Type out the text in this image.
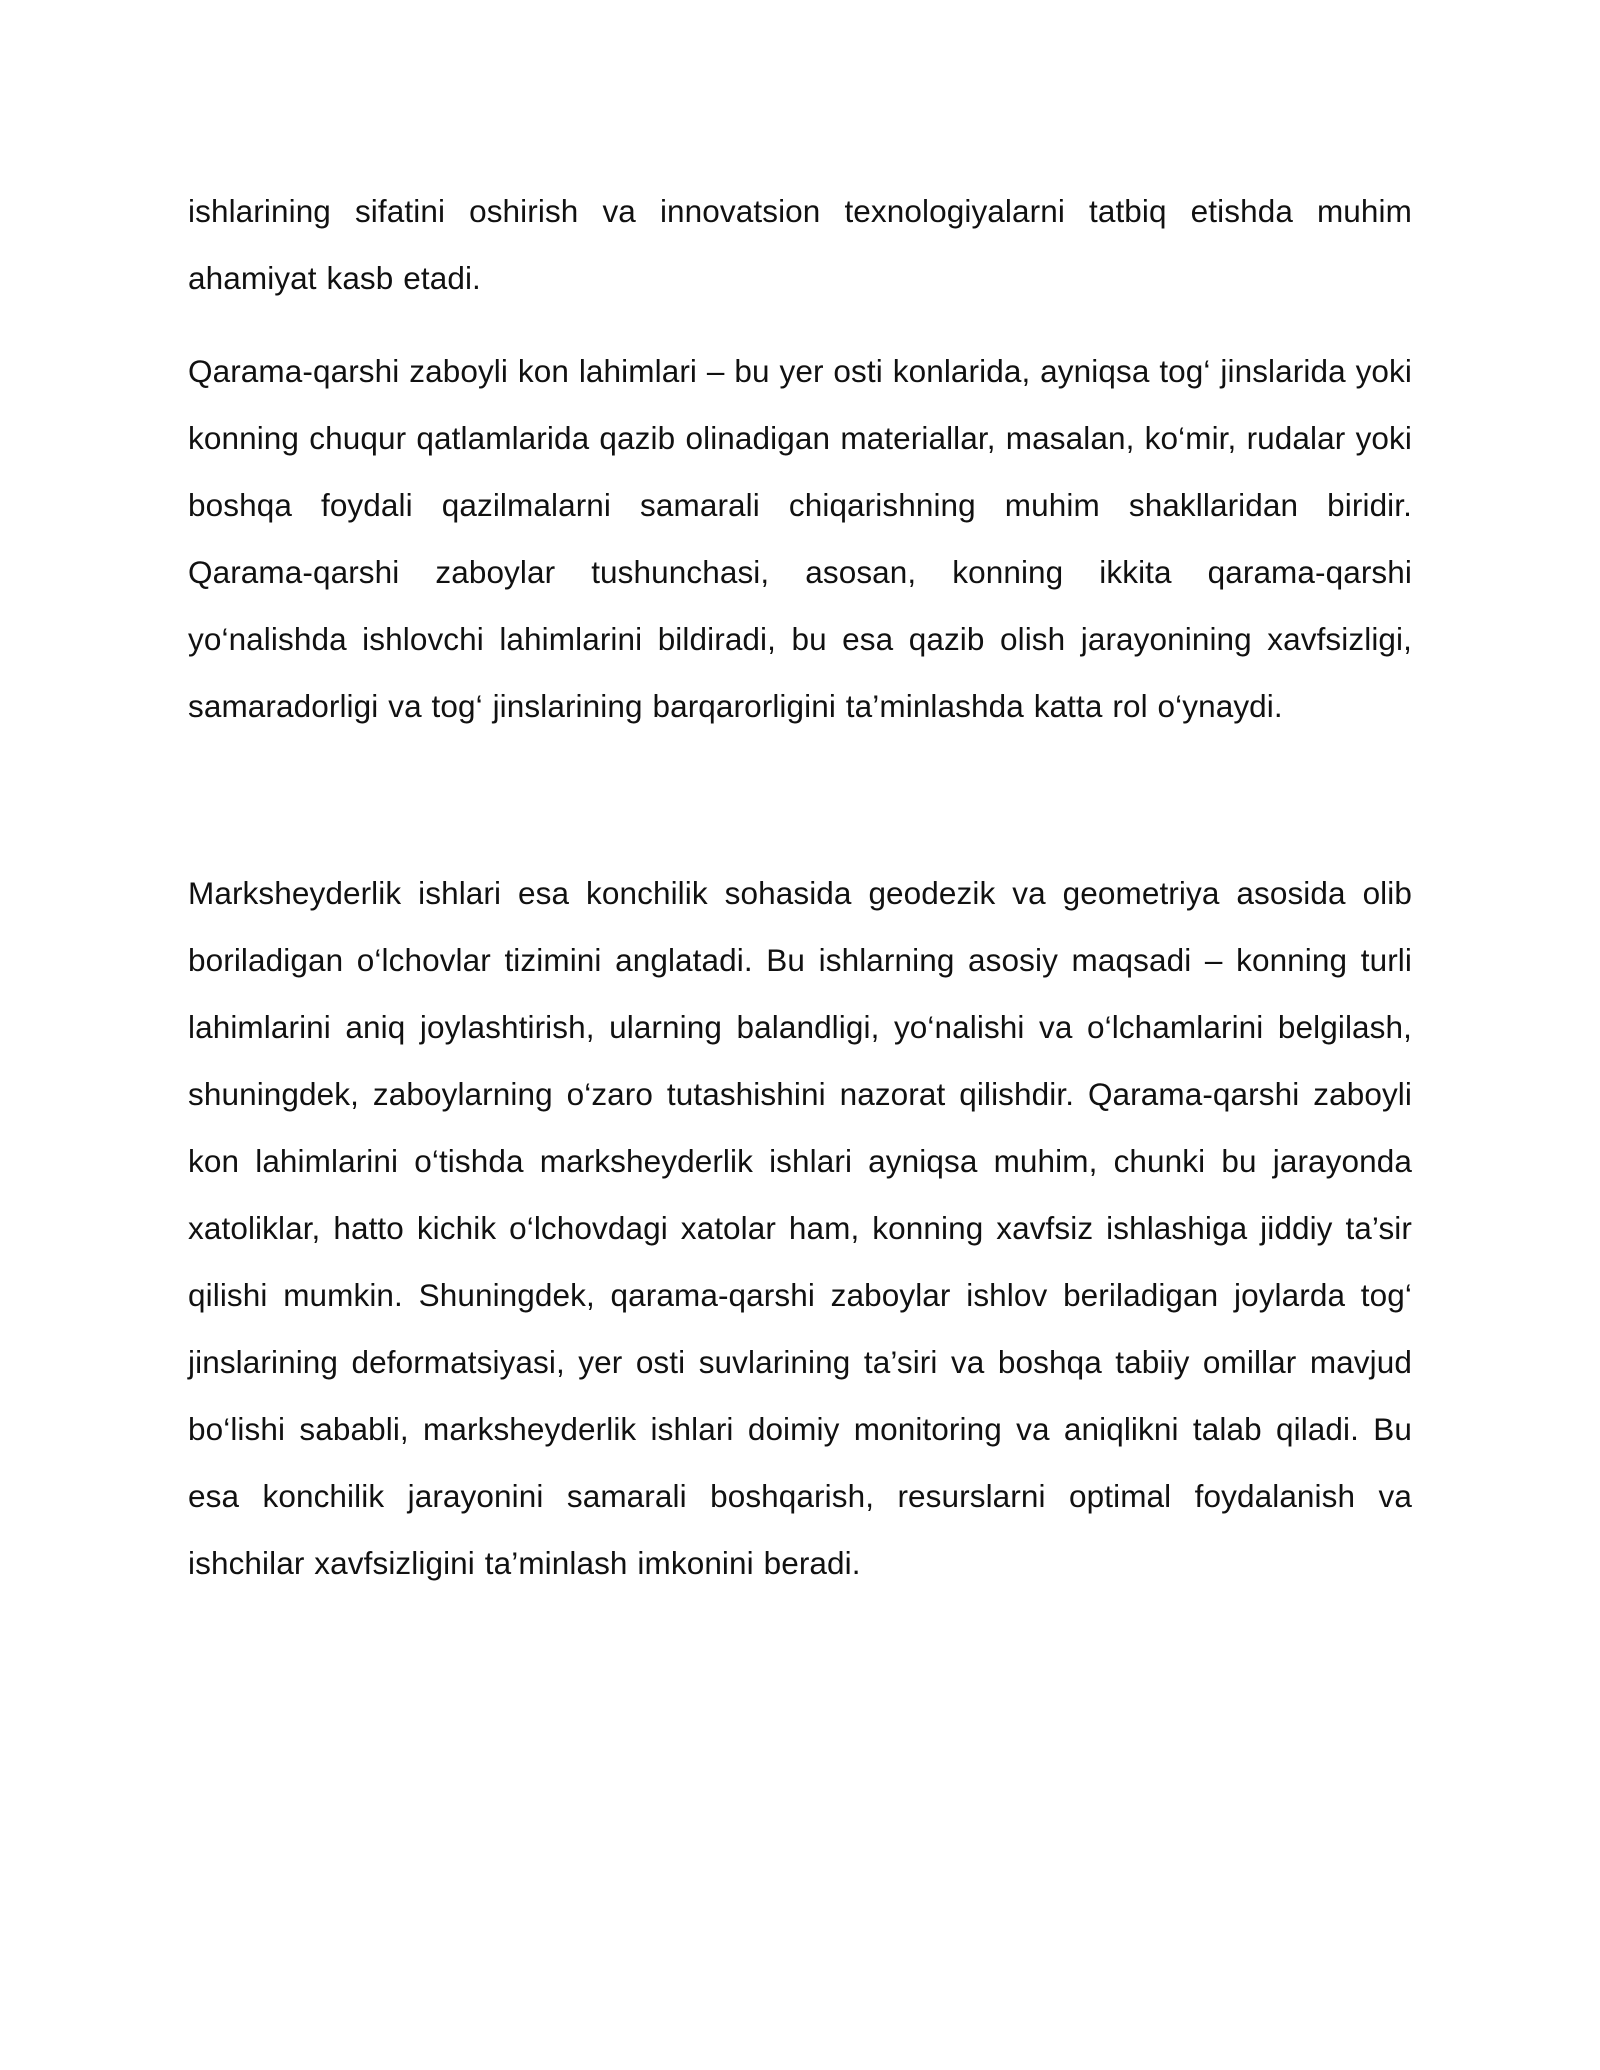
ishlarining sifatini oshirish va innovatsion texnologiyalarni tatbiq etishda muhim ahamiyat kasb etadi.

Qarama-qarshi zaboyli kon lahimlari – bu yer osti konlarida, ayniqsa tog‘ jinslarida yoki konning chuqur qatlamlarida qazib olinadigan materiallar, masalan, ko‘mir, rudalar yoki boshqa foydali qazilmalarni samarali chiqarishning muhim shakllaridan biridir. Qarama-qarshi zaboylar tushunchasi, asosan, konning ikkita qarama-qarshi yo‘nalishda ishlovchi lahimlarini bildiradi, bu esa qazib olish jarayonining xavfsizligi, samaradorligi va tog‘ jinslarining barqarorligini ta’minlashda katta rol o‘ynaydi.

Marksheyderlik ishlari esa konchilik sohasida geodezik va geometriya asosida olib boriladigan o‘lchovlar tizimini anglatadi. Bu ishlarning asosiy maqsadi – konning turli lahimlarini aniq joylashtirish, ularning balandligi, yo‘nalishi va o‘lchamlarini belgilash, shuningdek, zaboylarning o‘zaro tutashishini nazorat qilishdir. Qarama-qarshi zaboyli kon lahimlarini o‘tishda marksheyderlik ishlari ayniqsa muhim, chunki bu jarayonda xatoliklar, hatto kichik o‘lchovdagi xatolar ham, konning xavfsiz ishlashiga jiddiy ta’sir qilishi mumkin. Shuningdek, qarama-qarshi zaboylar ishlov beriladigan joylarda tog‘ jinslarining deformatsiyasi, yer osti suvlarining ta’siri va boshqa tabiiy omillar mavjud bo‘lishi sababli, marksheyderlik ishlari doimiy monitoring va aniqlikni talab qiladi. Bu esa konchilik jarayonini samarali boshqarish, resurslarni optimal foydalanish va ishchilar xavfsizligini ta’minlash imkonini beradi.
